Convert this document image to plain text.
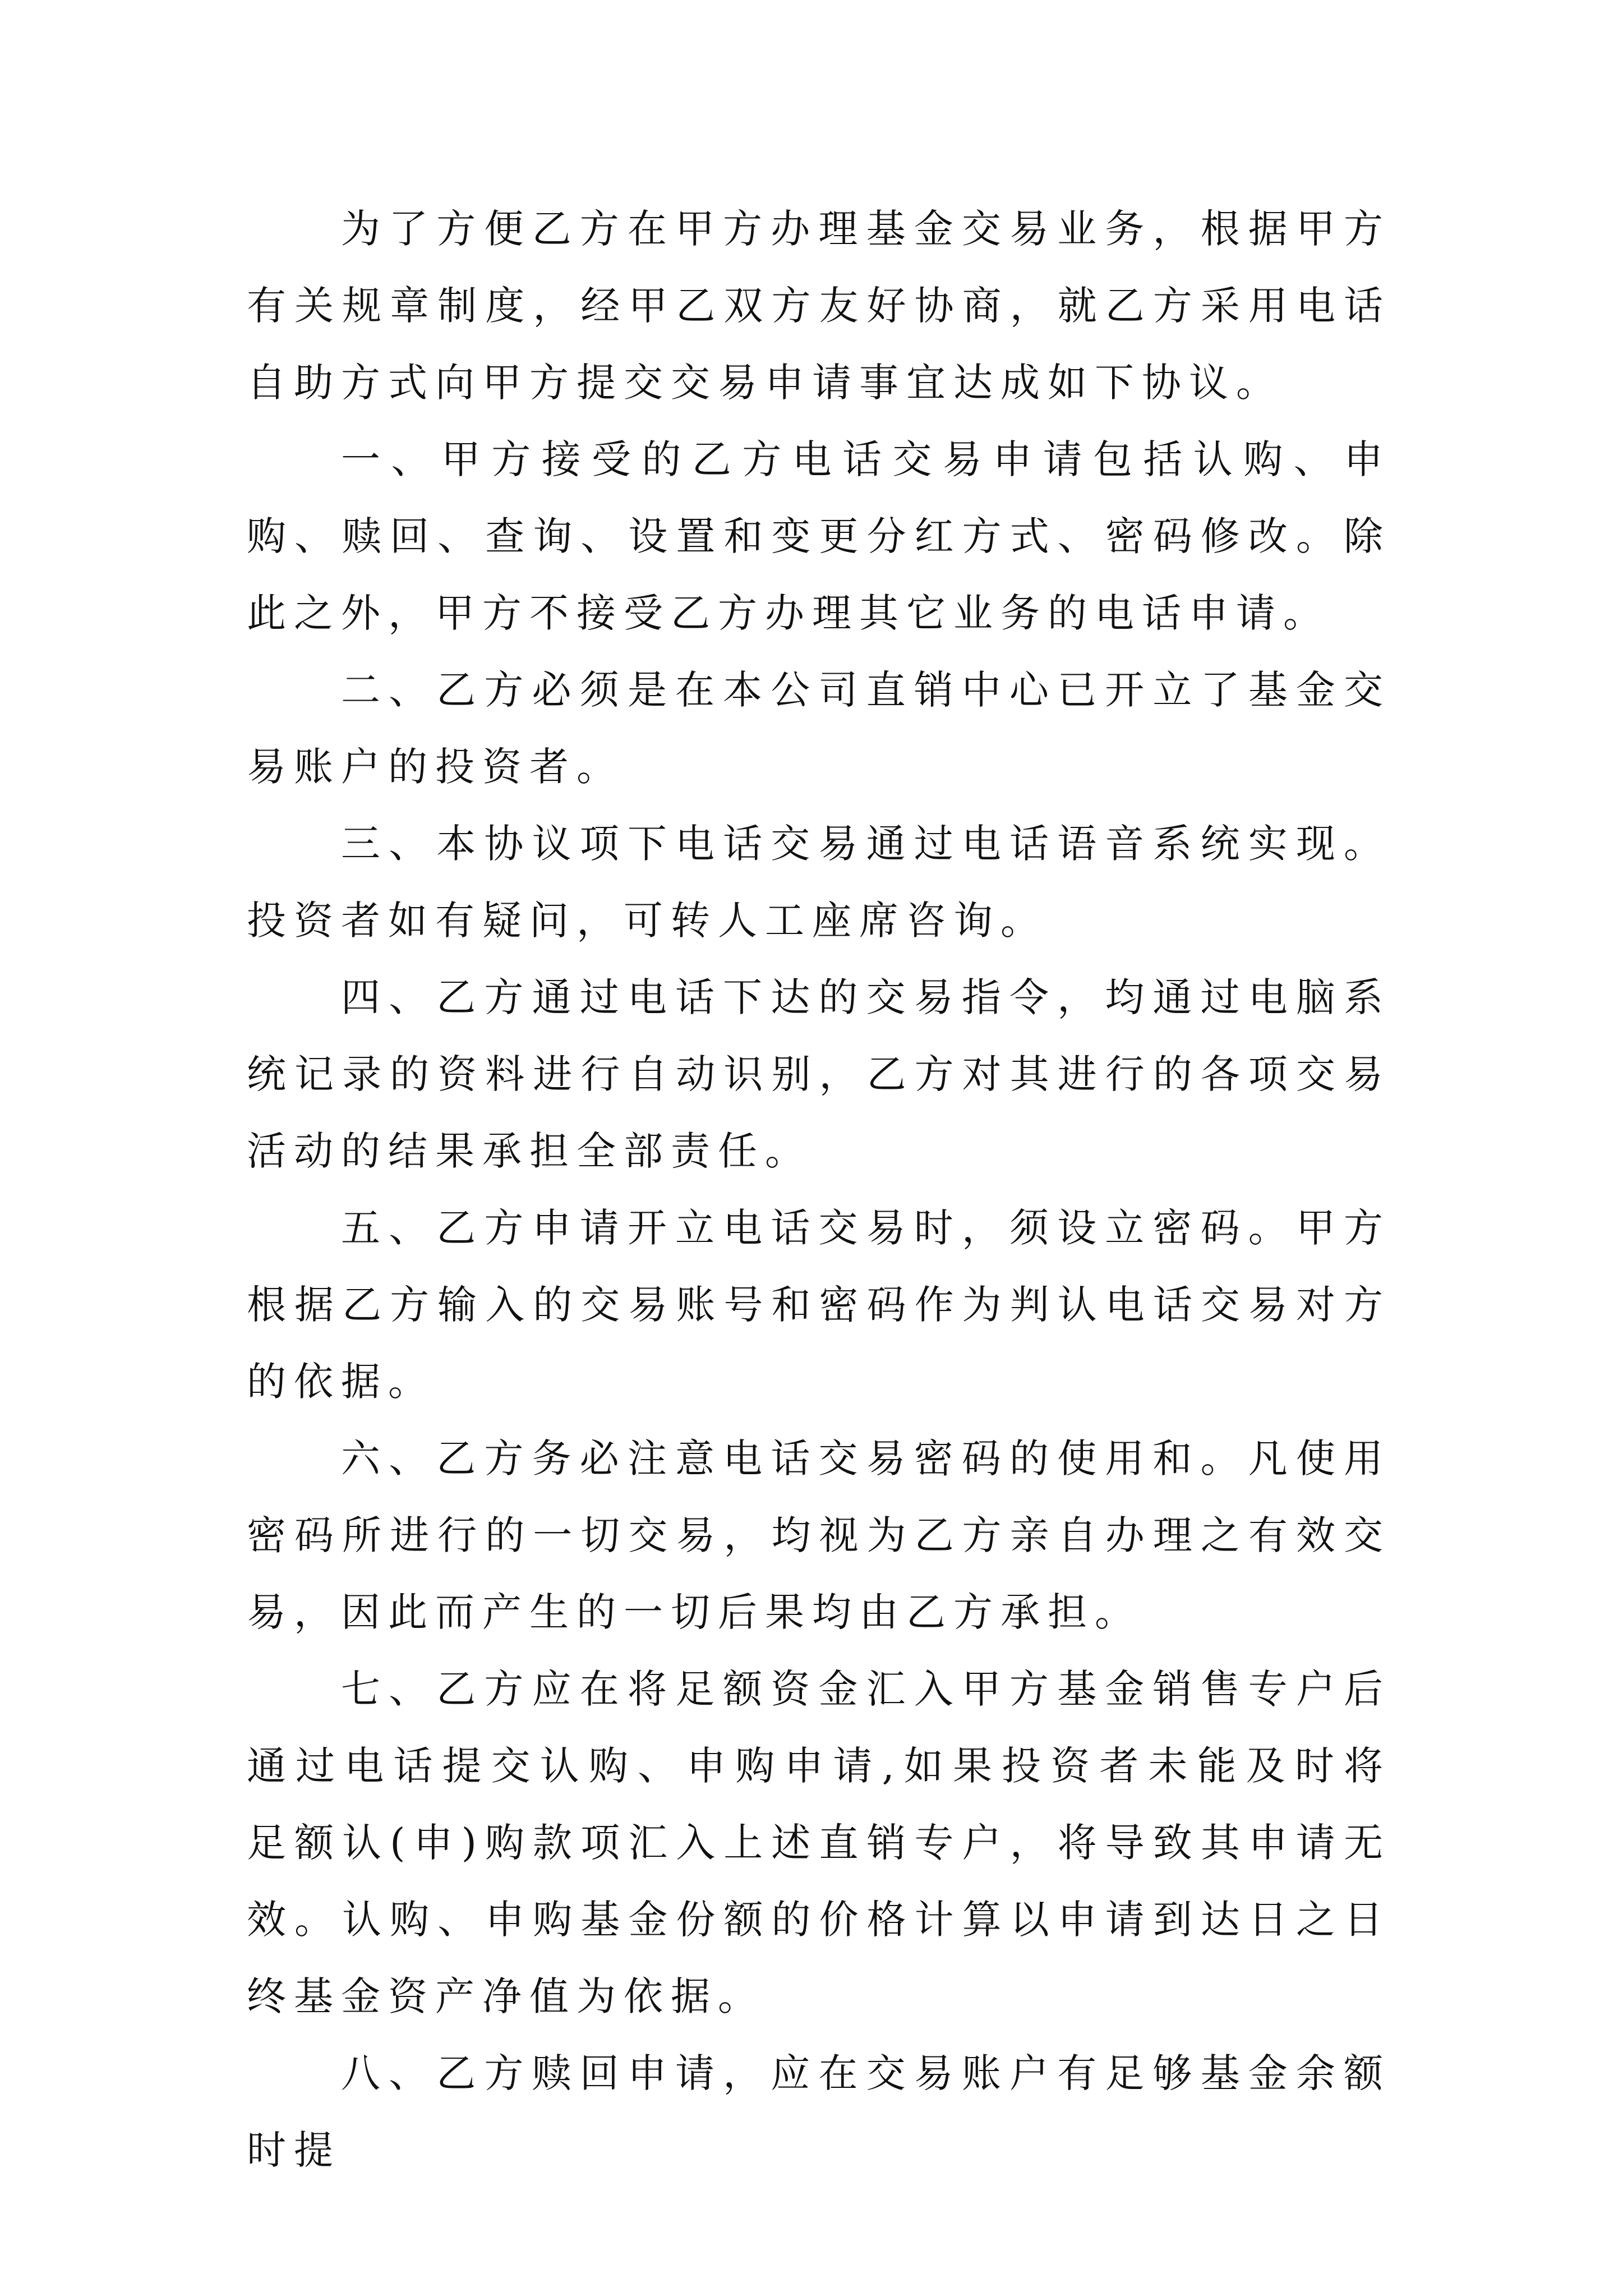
为了方便乙方在甲方办理基金交易业务，根据甲方有关规章制度，经甲乙双方友好协商，就乙方采用电话自助方式向甲方提交交易申请事宜达成如下协议。

一、甲方接受的乙方电话交易申请包括认购、申购、赎回、查询、设置和变更分红方式、密码修改。除此之外，甲方不接受乙方办理其它业务的电话申请。

二、乙方必须是在本公司直销中心已开立了基金交易账户的投资者。

三、本协议项下电话交易通过电话语音系统实现。投资者如有疑问，可转人工座席咨询。

四、乙方通过电话下达的交易指令，均通过电脑系统记录的资料进行自动识别，乙方对其进行的各项交易活动的结果承担全部责任。

五、乙方申请开立电话交易时，须设立密码。甲方根据乙方输入的交易账号和密码作为判认电话交易对方的依据。

六、乙方务必注意电话交易密码的使用和。凡使用密码所进行的一切交易，均视为乙方亲自办理之有效交易，因此而产生的一切后果均由乙方承担。

七、乙方应在将足额资金汇入甲方基金销售专户后通过电话提交认购、申购申请,如果投资者未能及时将足额认(申)购款项汇入上述直销专户，将导致其申请无效。认购、申购基金份额的价格计算以申请到达日之日终基金资产净值为依据。

八、乙方赎回申请，应在交易账户有足够基金余额时提
